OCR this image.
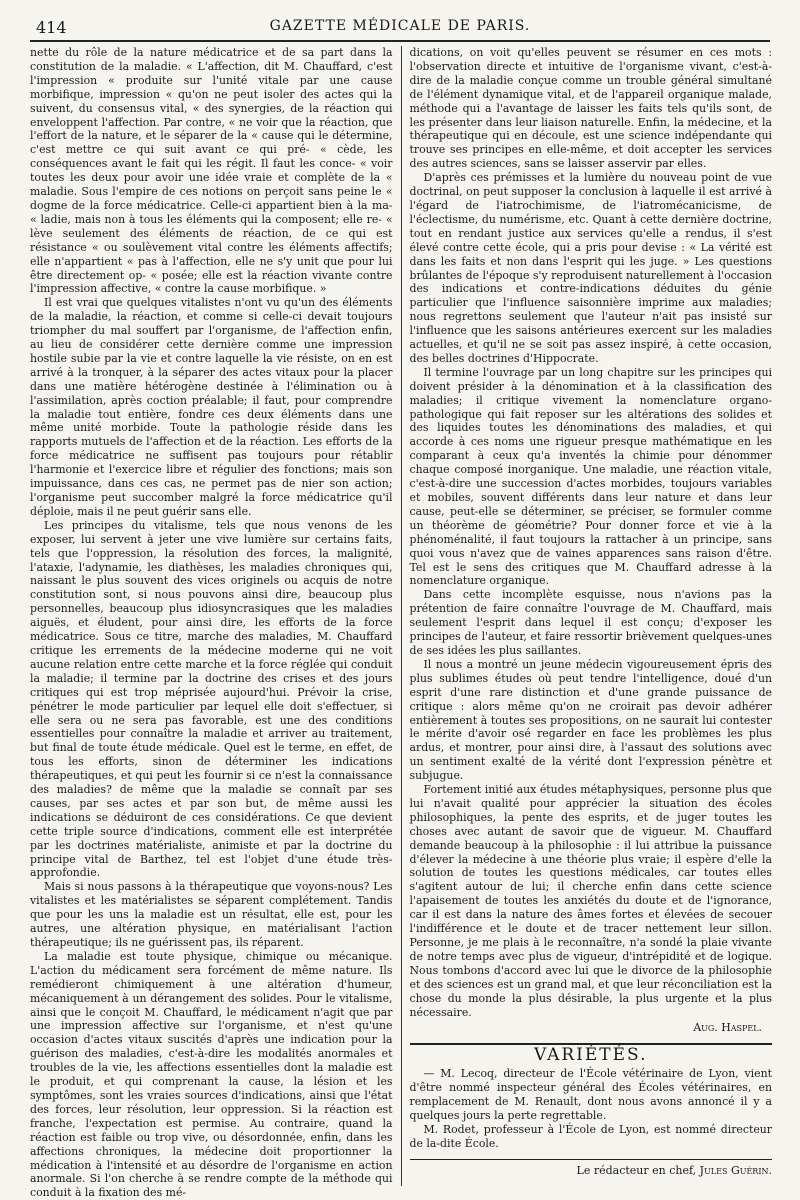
414	GAZETTE MÉDICALE DE PARIS.

nette du rôle de la nature médicatrice et de sa part dans la constitution de la maladie. « L'affection, dit M. Chauffard, c'est l'impression « produite sur l'unité vitale par une cause morbifique, impression « qu'on ne peut isoler des actes qui la suivent, du consensus vital, « des synergies, de la réaction qui enveloppent l'affection. Par contre, « ne voir que la réaction, que l'effort de la nature, et le séparer de la « cause qui le détermine, c'est mettre ce qui suit avant ce qui pré- « cède, les conséquences avant le fait qui les régit. Il faut les conce- « voir toutes les deux pour avoir une idée vraie et complète de la « maladie. Sous l'empire de ces notions on perçoit sans peine le « dogme de la force médicatrice. Celle-ci appartient bien à la ma- « ladie, mais non à tous les éléments qui la composent; elle re- « lève seulement des éléments de réaction, de ce qui est résistance « ou soulèvement vital contre les éléments affectifs; elle n'appartient « pas à l'affection, elle ne s'y unit que pour lui être directement op- « posée; elle est la réaction vivante contre l'impression affective, « contre la cause morbifique. »

Il est vrai que quelques vitalistes n'ont vu qu'un des éléments de la maladie, la réaction, et comme si celle-ci devait toujours triompher du mal souffert par l'organisme, de l'affection enfin, au lieu de considérer cette dernière comme une impression hostile subie par la vie et contre laquelle la vie résiste, on en est arrivé à la tronquer, à la séparer des actes vitaux pour la placer dans une matière hétérogène destinée à l'élimination ou à l'assimilation, après coction préalable; il faut, pour comprendre la maladie tout entière, fondre ces deux éléments dans une même unité morbide. Toute la pathologie réside dans les rapports mutuels de l'affection et de la réaction. Les efforts de la force médicatrice ne suffisent pas toujours pour rétablir l'harmonie et l'exercice libre et régulier des fonctions; mais son impuissance, dans ces cas, ne permet pas de nier son action; l'organisme peut succomber malgré la force médicatrice qu'il déploie, mais il ne peut guérir sans elle.

Les principes du vitalisme, tels que nous venons de les exposer, lui servent à jeter une vive lumière sur certains faits, tels que l'oppression, la résolution des forces, la malignité, l'ataxie, l'adynamie, les diathèses, les maladies chroniques qui, naissant le plus souvent des vices originels ou acquis de notre constitution sont, si nous pouvons ainsi dire, beaucoup plus personnelles, beaucoup plus idiosyncrasiques que les maladies aiguës, et éludent, pour ainsi dire, les efforts de la force médicatrice. Sous ce titre, marche des maladies, M. Chauffard critique les errements de la médecine moderne qui ne voit aucune relation entre cette marche et la force réglée qui conduit la maladie; il termine par la doctrine des crises et des jours critiques qui est trop méprisée aujourd'hui. Prévoir la crise, pénétrer le mode particulier par lequel elle doit s'effectuer, si elle sera ou ne sera pas favorable, est une des conditions essentielles pour connaître la maladie et arriver au traitement, but final de toute étude médicale. Quel est le terme, en effet, de tous les efforts, sinon de déterminer les indications thérapeutiques, et qui peut les fournir si ce n'est la connaissance des maladies? de même que la maladie se connaît par ses causes, par ses actes et par son but, de même aussi les indications se déduiront de ces considérations. Ce que devient cette triple source d'indications, comment elle est interprétée par les doctrines matérialiste, animiste et par la doctrine du principe vital de Barthez, tel est l'objet d'une étude très-approfondie.

Mais si nous passons à la thérapeutique que voyons-nous? Les vitalistes et les matérialistes se séparent complétement. Tandis que pour les uns la maladie est un résultat, elle est, pour les autres, une altération physique, en matérialisant l'action thérapeutique; ils ne guérissent pas, ils réparent.

La maladie est toute physique, chimique ou mécanique. L'action du médicament sera forcément de même nature. Ils remédieront chimiquement à une altération d'humeur, mécaniquement à un dérangement des solides. Pour le vitalisme, ainsi que le conçoit M. Chauffard, le médicament n'agit que par une impression affective sur l'organisme, et n'est qu'une occasion d'actes vitaux suscités d'après une indication pour la guérison des maladies, c'est-à-dire les modalités anormales et troubles de la vie, les affections essentielles dont la maladie est le produit, et qui comprenant la cause, la lésion et les symptômes, sont les vraies sources d'indications, ainsi que l'état des forces, leur résolution, leur oppression. Si la réaction est franche, l'expectation est permise. Au contraire, quand la réaction est faible ou trop vive, ou désordonnée, enfin, dans les affections chroniques, la médecine doit proportionner la médication à l'intensité et au désordre de l'organisme en action anormale. Si l'on cherche à se rendre compte de la méthode qui conduit à la fixation des mé-

dications, on voit qu'elles peuvent se résumer en ces mots : l'observation directe et intuitive de l'organisme vivant, c'est-à-dire de la maladie conçue comme un trouble général simultané de l'élément dynamique vital, et de l'appareil organique malade, méthode qui a l'avantage de laisser les faits tels qu'ils sont, de les présenter dans leur liaison naturelle. Enfin, la médecine, et la thérapeutique qui en découle, est une science indépendante qui trouve ses principes en elle-même, et doit accepter les services des autres sciences, sans se laisser asservir par elles.

D'après ces prémisses et la lumière du nouveau point de vue doctrinal, on peut supposer la conclusion à laquelle il est arrivé à l'égard de l'iatrochimisme, de l'iatromécanicisme, de l'éclectisme, du numérisme, etc. Quant à cette dernière doctrine, tout en rendant justice aux services qu'elle a rendus, il s'est élevé contre cette école, qui a pris pour devise : « La vérité est dans les faits et non dans l'esprit qui les juge. » Les questions brûlantes de l'époque s'y reproduisent naturellement à l'occasion des indications et contre-indications déduites du génie particulier que l'influence saisonnière imprime aux maladies; nous regrettons seulement que l'auteur n'ait pas insisté sur l'influence que les saisons antérieures exercent sur les maladies actuelles, et qu'il ne se soit pas assez inspiré, à cette occasion, des belles doctrines d'Hippocrate.

Il termine l'ouvrage par un long chapitre sur les principes qui doivent présider à la dénomination et à la classification des maladies; il critique vivement la nomenclature organo-pathologique qui fait reposer sur les altérations des solides et des liquides toutes les dénominations des maladies, et qui accorde à ces noms une rigueur presque mathématique en les comparant à ceux qu'a inventés la chimie pour dénommer chaque composé inorganique. Une maladie, une réaction vitale, c'est-à-dire une succession d'actes morbides, toujours variables et mobiles, souvent différents dans leur nature et dans leur cause, peut-elle se déterminer, se préciser, se formuler comme un théorème de géométrie? Pour donner force et vie à la phénoménalité, il faut toujours la rattacher à un principe, sans quoi vous n'avez que de vaines apparences sans raison d'être. Tel est le sens des critiques que M. Chauffard adresse à la nomenclature organique.

Dans cette incomplète esquisse, nous n'avions pas la prétention de faire connaître l'ouvrage de M. Chauffard, mais seulement l'esprit dans lequel il est conçu; d'exposer les principes de l'auteur, et faire ressortir brièvement quelques-unes de ses idées les plus saillantes.

Il nous a montré un jeune médecin vigoureusement épris des plus sublimes études où peut tendre l'intelligence, doué d'un esprit d'une rare distinction et d'une grande puissance de critique : alors même qu'on ne croirait pas devoir adhérer entièrement à toutes ses propositions, on ne saurait lui contester le mérite d'avoir osé regarder en face les problèmes les plus ardus, et montrer, pour ainsi dire, à l'assaut des solutions avec un sentiment exalté de la vérité dont l'expression pénètre et subjugue.

Fortement initié aux études métaphysiques, personne plus que lui n'avait qualité pour apprécier la situation des écoles philosophiques, la pente des esprits, et de juger toutes les choses avec autant de savoir que de vigueur. M. Chauffard demande beaucoup à la philosophie : il lui attribue la puissance d'élever la médecine à une théorie plus vraie; il espère d'elle la solution de toutes les questions médicales, car toutes elles s'agitent autour de lui; il cherche enfin dans cette science l'apaisement de toutes les anxiétés du doute et de l'ignorance, car il est dans la nature des âmes fortes et élevées de secouer l'indifférence et le doute et de tracer nettement leur sillon. Personne, je me plais à le reconnaître, n'a sondé la plaie vivante de notre temps avec plus de vigueur, d'intrépidité et de logique. Nous tombons d'accord avec lui que le divorce de la philosophie et des sciences est un grand mal, et que leur réconciliation est la chose du monde la plus désirable, la plus urgente et la plus nécessaire.

Aug. Haspel.
VARIÉTÉS.

— M. Lecoq, directeur de l'École vétérinaire de Lyon, vient d'être nommé inspecteur général des Écoles vétérinaires, en remplacement de M. Renault, dont nous avons annoncé il y a quelques jours la perte regrettable.

M. Rodet, professeur à l'École de Lyon, est nommé directeur de la-dite École.

Le rédacteur en chef, Jules Guérin.
